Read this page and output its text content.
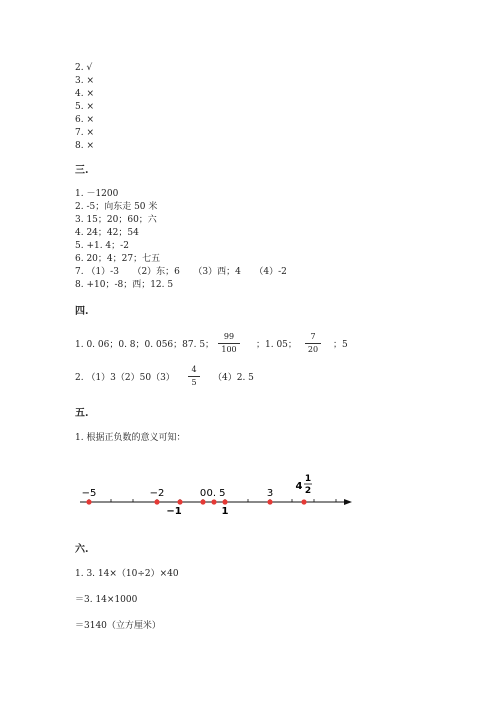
2. √
3. ×
4. ×
5. ×
6. ×
7. ×
8. ×
三.
1. －1200
2. -5；向东走 50 米
3. 15；20；60；六
4. 24；42；54
5. +1. 4；-2
6. 20；4；27；七五
7. （1）-3　　（2）东；6　　（3）西；4　　（4）-2
8. +10；-8；西；12. 5
四.
1. 0. 06；0. 8；0. 056；87. 5；
99
100	；1. 05；
7
20	；5
2. （1）3（2）50（3）
4
5	（4）2. 5
五.
1. 根据正负数的意义可知：
−5	−2	0 0. 5	3
−1	1
4
1
2
六.
1. 3. 14×（10÷2）×40
＝3. 14×1000
＝3140（立方厘米）
